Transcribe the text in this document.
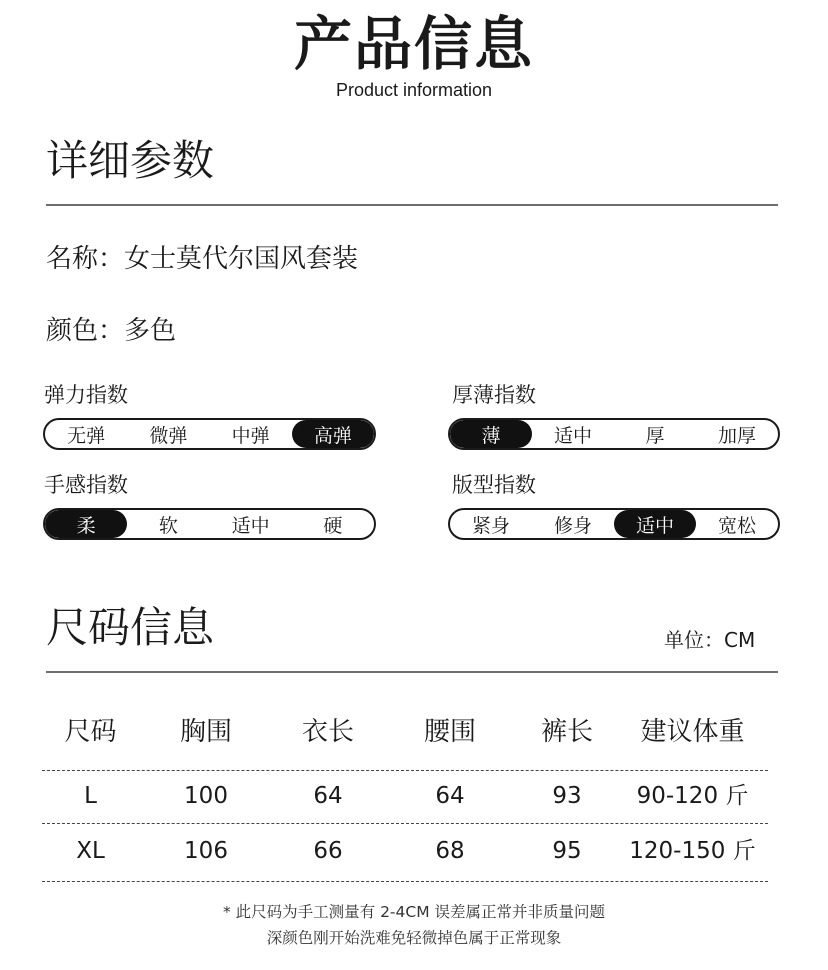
产品信息
Product information
详细参数
名称：女士莫代尔国风套装
颜色：多色
弹力指数
无弹	微弹	中弹	高弹
厚薄指数
薄	适中	厚	加厚
手感指数
柔	软	适中	硬
版型指数
紧身	修身	适中	宽松
尺码信息	单位：CM
尺码	胸围	衣长	腰围	裤长	建议体重
L	100	64	64	93	90-120 斤
XL	106	66	68	95	120-150 斤
* 此尺码为手工测量有 2-4CM 误差属正常并非质量问题
深颜色刚开始洗难免轻微掉色属于正常现象
